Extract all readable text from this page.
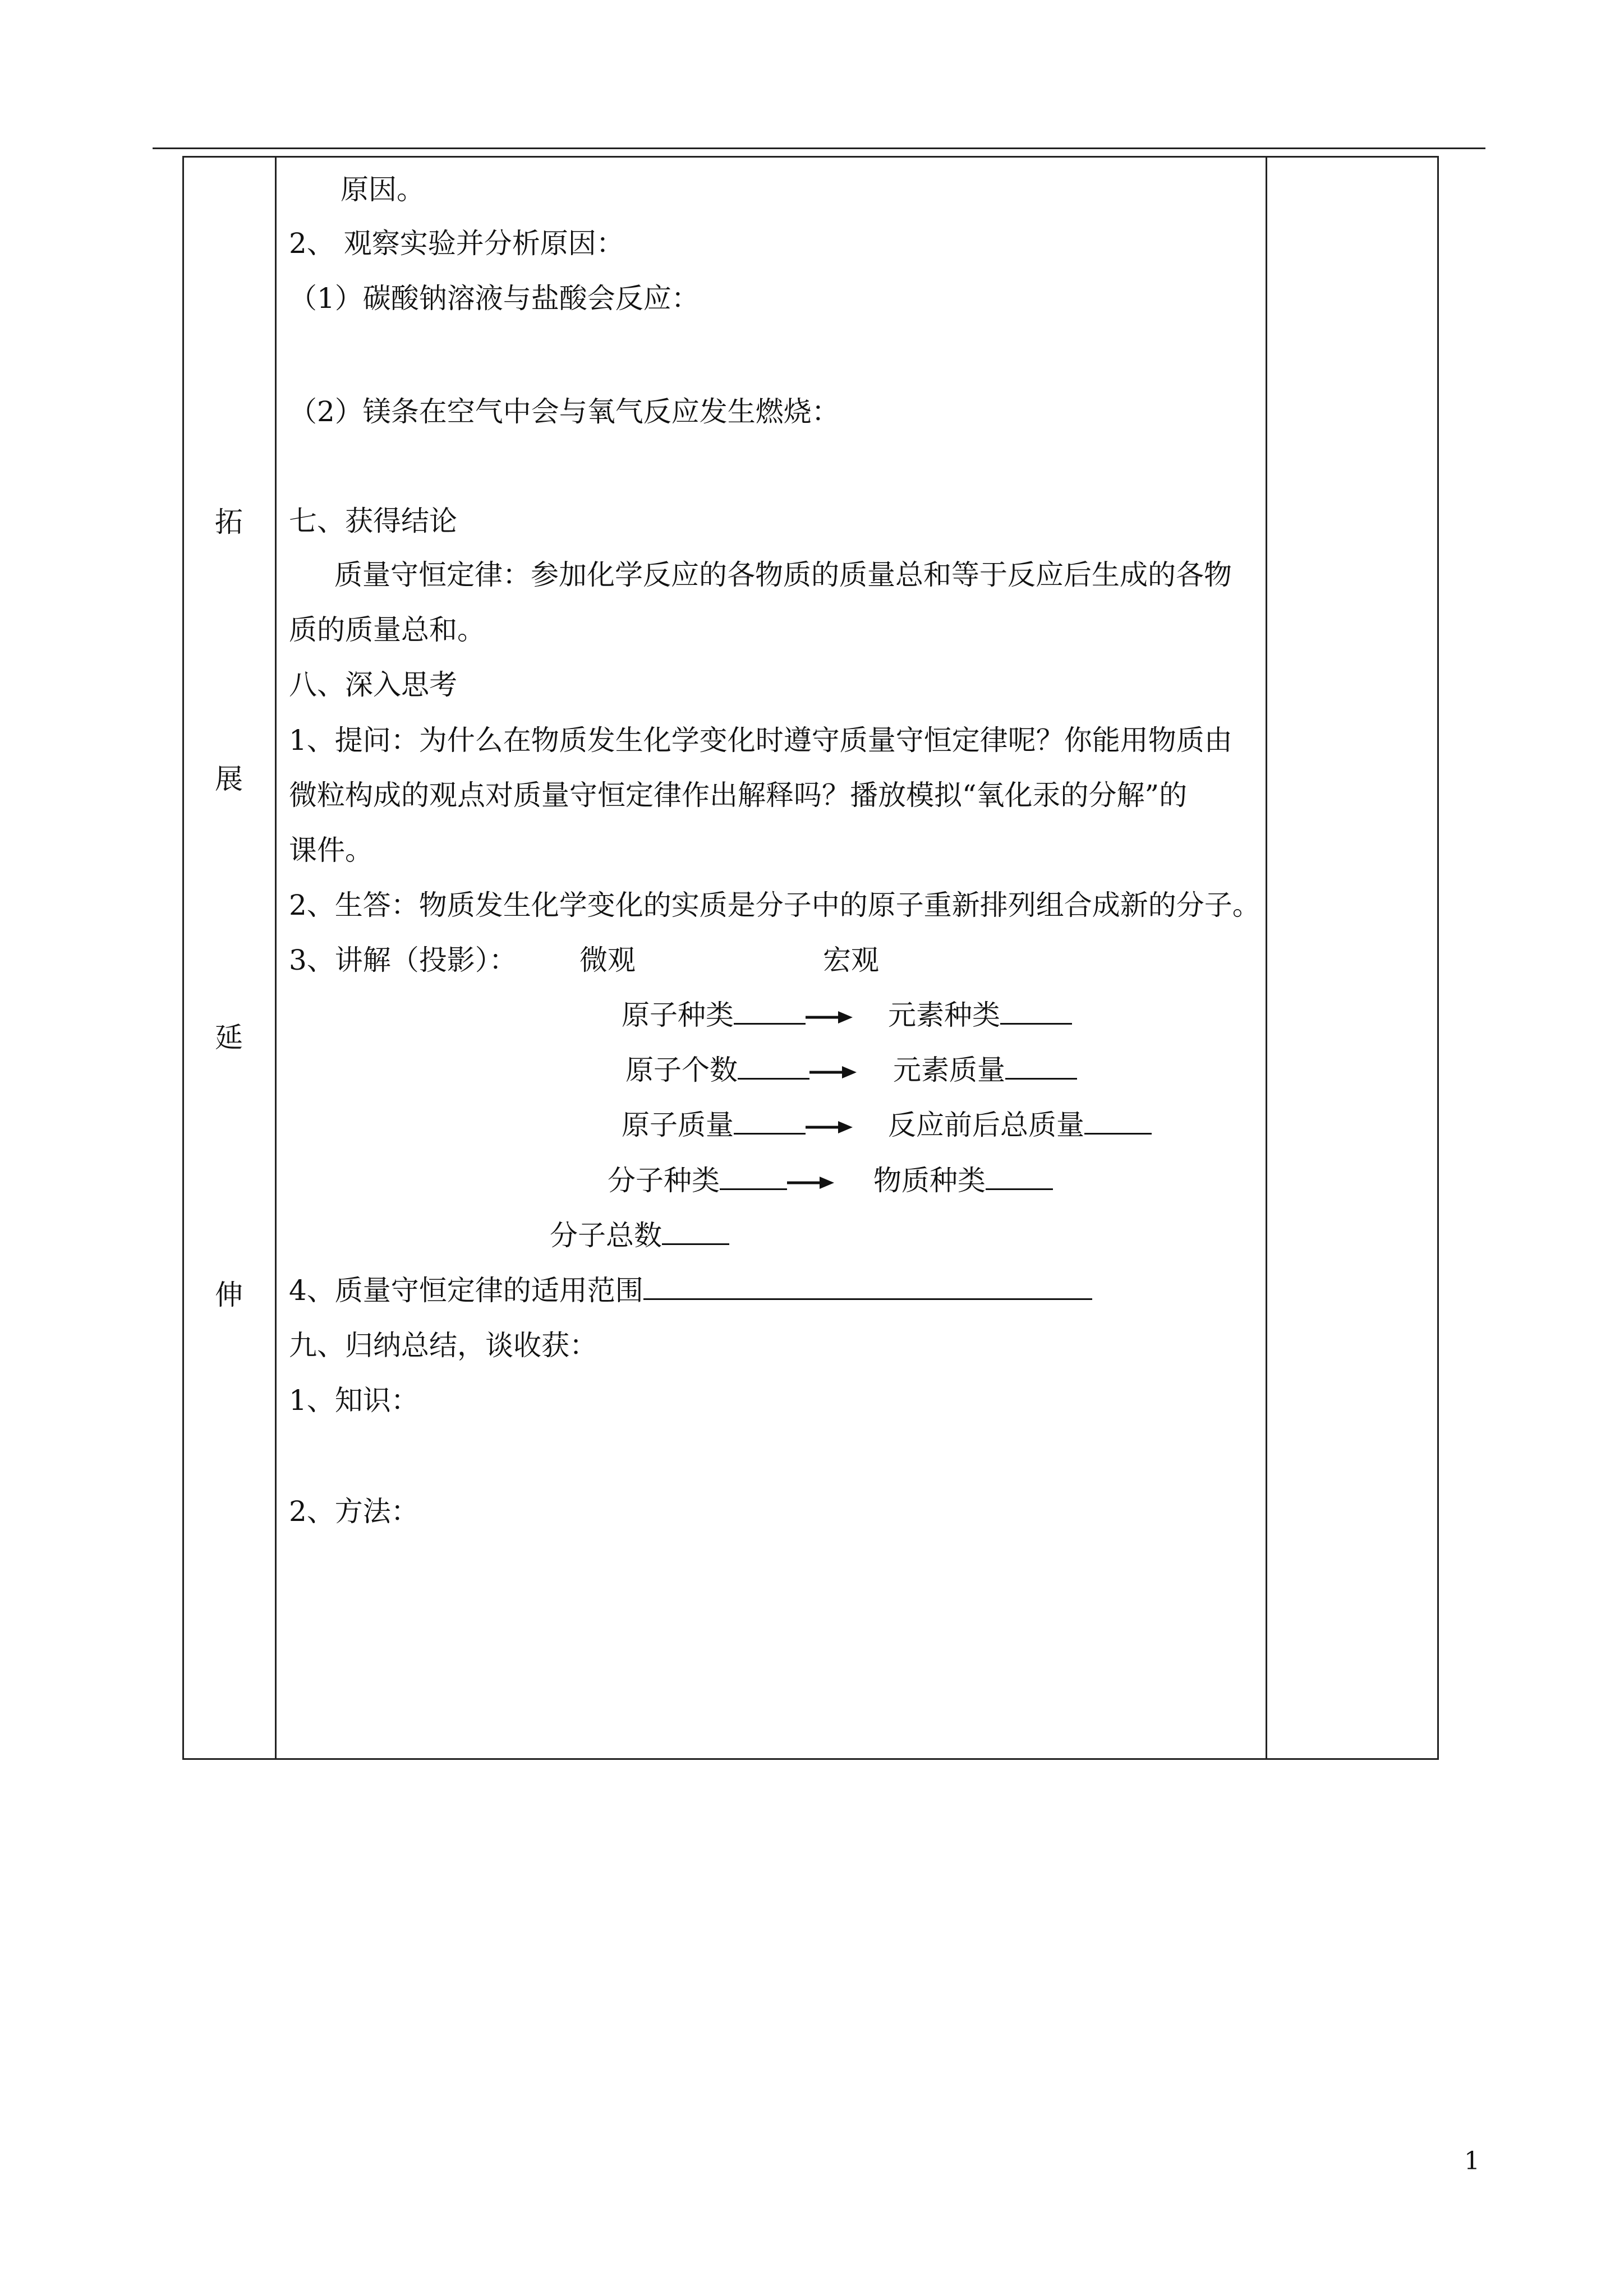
拓
展
延
伸
原因。
2、 观察实验并分析原因：
（1）碳酸钠溶液与盐酸会反应：
（2）镁条在空气中会与氧气反应发生燃烧：
七、获得结论
质量守恒定律：参加化学反应的各物质的质量总和等于反应后生成的各物
质的质量总和。
八、深入思考
1、提问：为什么在物质发生化学变化时遵守质量守恒定律呢？你能用物质由
微粒构成的观点对质量守恒定律作出解释吗？播放模拟“氧化汞的分解”的
课件。
2、生答：物质发生化学变化的实质是分子中的原子重新排列组合成新的分子。
3、讲解（投影）： 微观	宏观
原子种类	元素种类
原子个数	元素质量
原子质量	反应前后总质量
分子种类	物质种类
分子总数
4、质量守恒定律的适用范围
九、归纳总结，谈收获：
1、知识：
2、方法：
1
